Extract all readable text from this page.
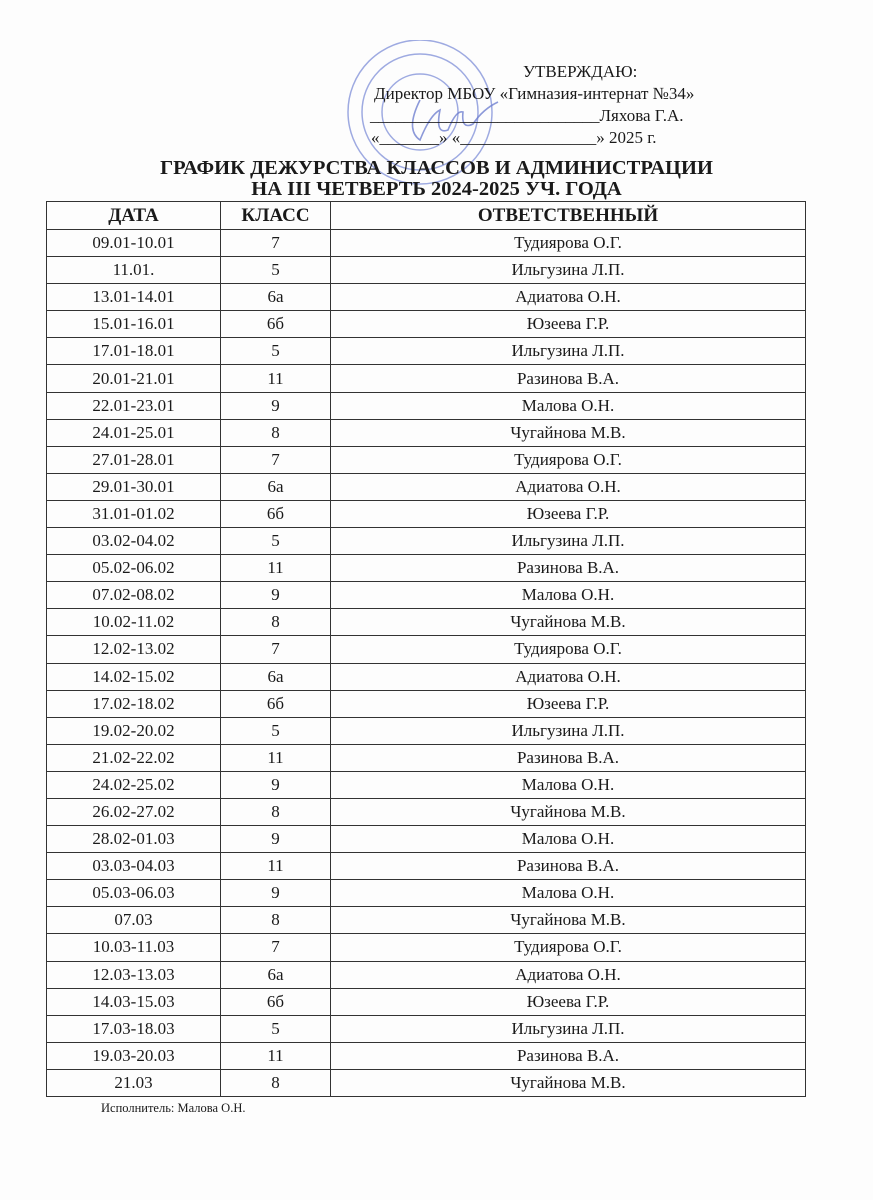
УТВЕРЖДАЮ:
Директор МБОУ «Гимназия-интернат №34»
___________________________Ляхова Г.А.
«_______» «________________» 2025 г.
ГРАФИК ДЕЖУРСТВА КЛАССОВ И АДМИНИСТРАЦИИ
НА III ЧЕТВЕРТЬ 2024-2025 УЧ. ГОДА
ДАТА	КЛАСС	ОТВЕТСТВЕННЫЙ
09.01-10.01	7	Тудиярова О.Г.
11.01.	5	Ильгузина Л.П.
13.01-14.01	6а	Адиатова О.Н.
15.01-16.01	6б	Юзеева Г.Р.
17.01-18.01	5	Ильгузина Л.П.
20.01-21.01	11	Разинова В.А.
22.01-23.01	9	Малова О.Н.
24.01-25.01	8	Чугайнова М.В.
27.01-28.01	7	Тудиярова О.Г.
29.01-30.01	6а	Адиатова О.Н.
31.01-01.02	6б	Юзеева Г.Р.
03.02-04.02	5	Ильгузина Л.П.
05.02-06.02	11	Разинова В.А.
07.02-08.02	9	Малова О.Н.
10.02-11.02	8	Чугайнова М.В.
12.02-13.02	7	Тудиярова О.Г.
14.02-15.02	6а	Адиатова О.Н.
17.02-18.02	6б	Юзеева Г.Р.
19.02-20.02	5	Ильгузина Л.П.
21.02-22.02	11	Разинова В.А.
24.02-25.02	9	Малова О.Н.
26.02-27.02	8	Чугайнова М.В.
28.02-01.03	9	Малова О.Н.
03.03-04.03	11	Разинова В.А.
05.03-06.03	9	Малова О.Н.
07.03	8	Чугайнова М.В.
10.03-11.03	7	Тудиярова О.Г.
12.03-13.03	6а	Адиатова О.Н.
14.03-15.03	6б	Юзеева Г.Р.
17.03-18.03	5	Ильгузина Л.П.
19.03-20.03	11	Разинова В.А.
21.03	8	Чугайнова М.В.
Исполнитель: Малова О.Н.
